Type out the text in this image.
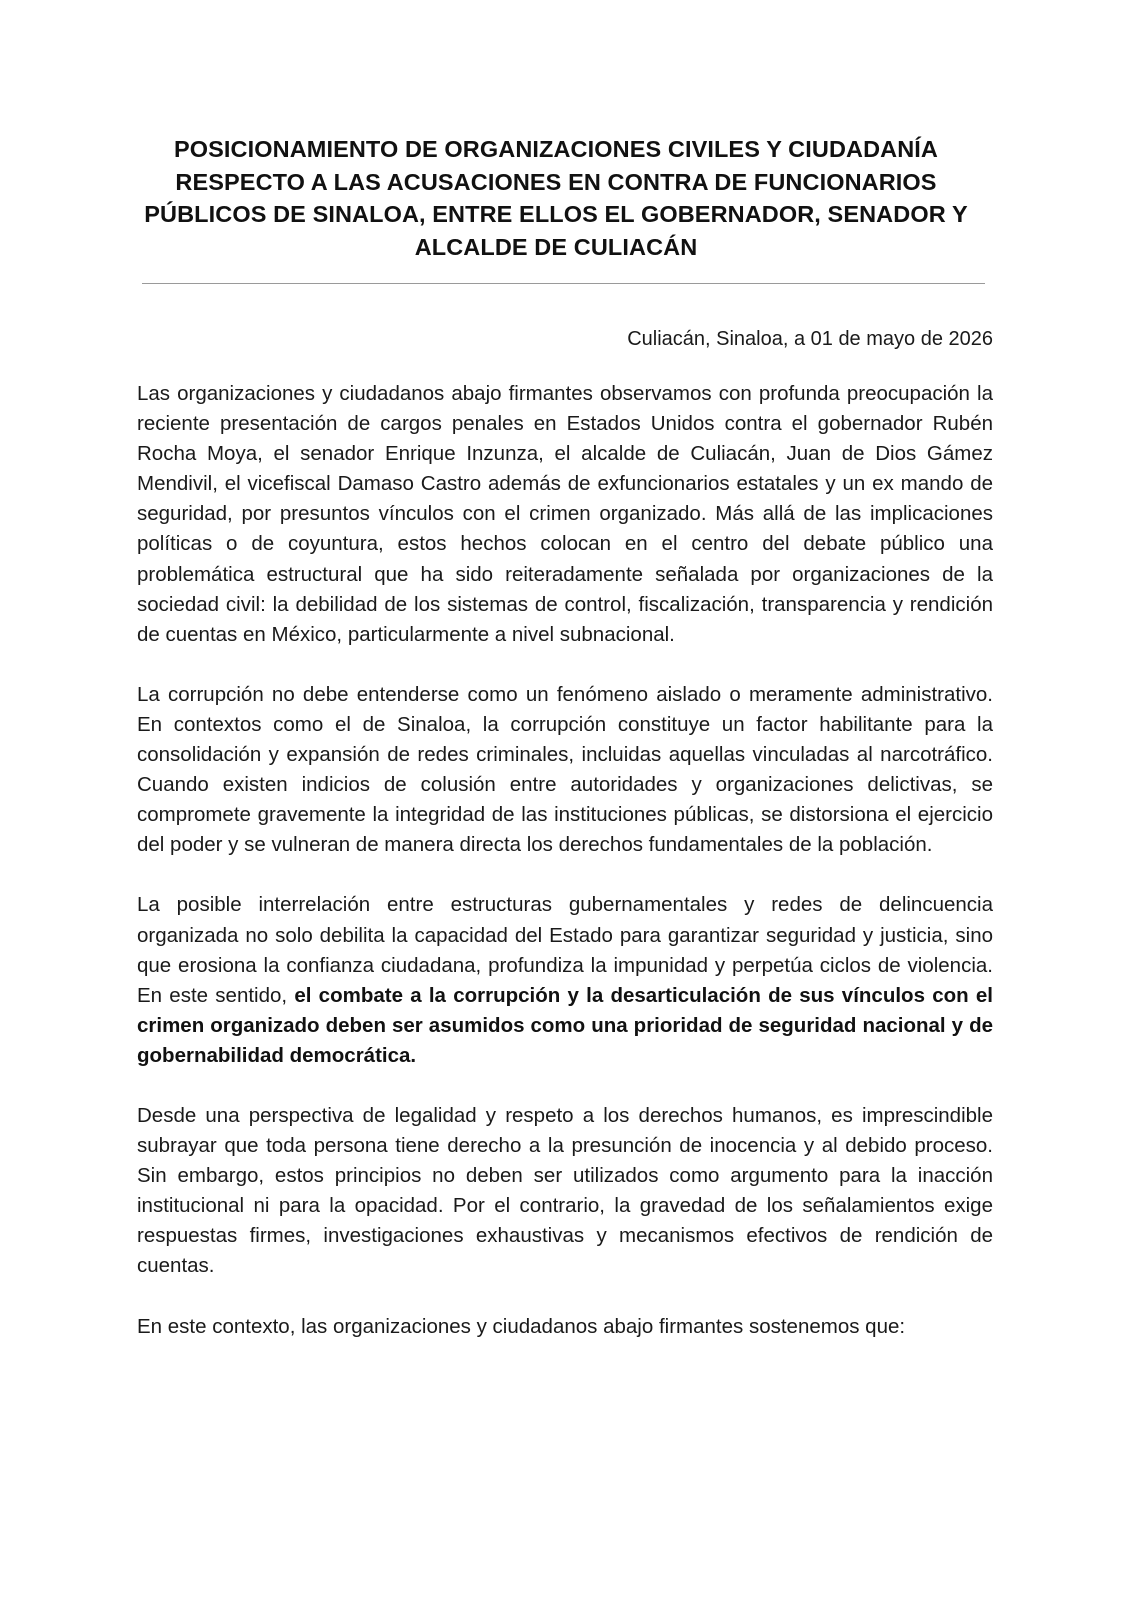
POSICIONAMIENTO DE ORGANIZACIONES CIVILES Y CIUDADANÍA RESPECTO A LAS ACUSACIONES EN CONTRA DE FUNCIONARIOS PÚBLICOS DE SINALOA, ENTRE ELLOS EL GOBERNADOR, SENADOR Y ALCALDE DE CULIACÁN

Culiacán, Sinaloa, a 01 de mayo de 2026

Las organizaciones y ciudadanos abajo firmantes observamos con profunda preocupación la reciente presentación de cargos penales en Estados Unidos contra el gobernador Rubén Rocha Moya, el senador Enrique Inzunza, el alcalde de Culiacán, Juan de Dios Gámez Mendivil, el vicefiscal Damaso Castro además de exfuncionarios estatales y un ex mando de seguridad, por presuntos vínculos con el crimen organizado. Más allá de las implicaciones políticas o de coyuntura, estos hechos colocan en el centro del debate público una problemática estructural que ha sido reiteradamente señalada por organizaciones de la sociedad civil: la debilidad de los sistemas de control, fiscalización, transparencia y rendición de cuentas en México, particularmente a nivel subnacional.

La corrupción no debe entenderse como un fenómeno aislado o meramente administrativo. En contextos como el de Sinaloa, la corrupción constituye un factor habilitante para la consolidación y expansión de redes criminales, incluidas aquellas vinculadas al narcotráfico. Cuando existen indicios de colusión entre autoridades y organizaciones delictivas, se compromete gravemente la integridad de las instituciones públicas, se distorsiona el ejercicio del poder y se vulneran de manera directa los derechos fundamentales de la población.

La posible interrelación entre estructuras gubernamentales y redes de delincuencia organizada no solo debilita la capacidad del Estado para garantizar seguridad y justicia, sino que erosiona la confianza ciudadana, profundiza la impunidad y perpetúa ciclos de violencia. En este sentido, el combate a la corrupción y la desarticulación de sus vínculos con el crimen organizado deben ser asumidos como una prioridad de seguridad nacional y de gobernabilidad democrática.

Desde una perspectiva de legalidad y respeto a los derechos humanos, es imprescindible subrayar que toda persona tiene derecho a la presunción de inocencia y al debido proceso. Sin embargo, estos principios no deben ser utilizados como argumento para la inacción institucional ni para la opacidad. Por el contrario, la gravedad de los señalamientos exige respuestas firmes, investigaciones exhaustivas y mecanismos efectivos de rendición de cuentas.

En este contexto, las organizaciones y ciudadanos abajo firmantes sostenemos que:
